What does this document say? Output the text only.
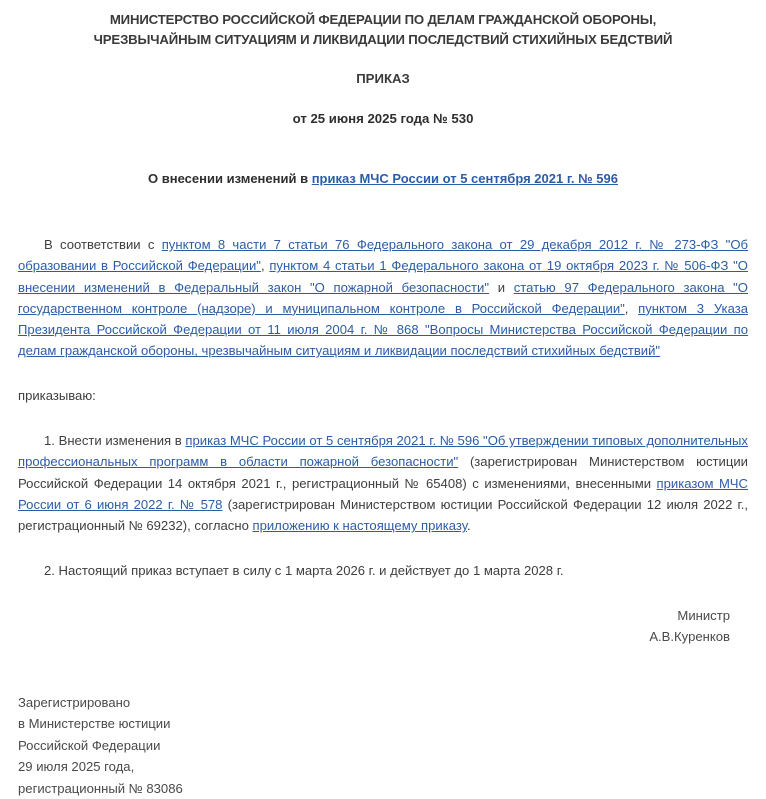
МИНИСТЕРСТВО РОССИЙСКОЙ ФЕДЕРАЦИИ ПО ДЕЛАМ ГРАЖДАНСКОЙ ОБОРОНЫ,
ЧРЕЗВЫЧАЙНЫМ СИТУАЦИЯМ И ЛИКВИДАЦИИ ПОСЛЕДСТВИЙ СТИХИЙНЫХ БЕДСТВИЙ
ПРИКАЗ
от 25 июня 2025 года № 530
О внесении изменений в приказ МЧС России от 5 сентября 2021 г. № 596
В соответствии с пунктом 8 части 7 статьи 76 Федерального закона от 29 декабря 2012 г. № 273-ФЗ "Об образовании в Российской Федерации", пунктом 4 статьи 1 Федерального закона от 19 октября 2023 г. № 506-ФЗ "О внесении изменений в Федеральный закон "О пожарной безопасности" и статью 97 Федерального закона "О государственном контроле (надзоре) и муниципальном контроле в Российской Федерации", пунктом 3 Указа Президента Российской Федерации от 11 июля 2004 г. № 868 "Вопросы Министерства Российской Федерации по делам гражданской обороны, чрезвычайным ситуациям и ликвидации последствий стихийных бедствий"
приказываю:
1. Внести изменения в приказ МЧС России от 5 сентября 2021 г. № 596 "Об утверждении типовых дополнительных профессиональных программ в области пожарной безопасности" (зарегистрирован Министерством юстиции Российской Федерации 14 октября 2021 г., регистрационный № 65408) с изменениями, внесенными приказом МЧС России от 6 июня 2022 г. № 578 (зарегистрирован Министерством юстиции Российской Федерации 12 июля 2022 г., регистрационный № 69232), согласно приложению к настоящему приказу.
2. Настоящий приказ вступает в силу с 1 марта 2026 г. и действует до 1 марта 2028 г.
Министр
А.В.Куренков
Зарегистрировано
в Министерстве юстиции
Российской Федерации
29 июля 2025 года,
регистрационный № 83086
